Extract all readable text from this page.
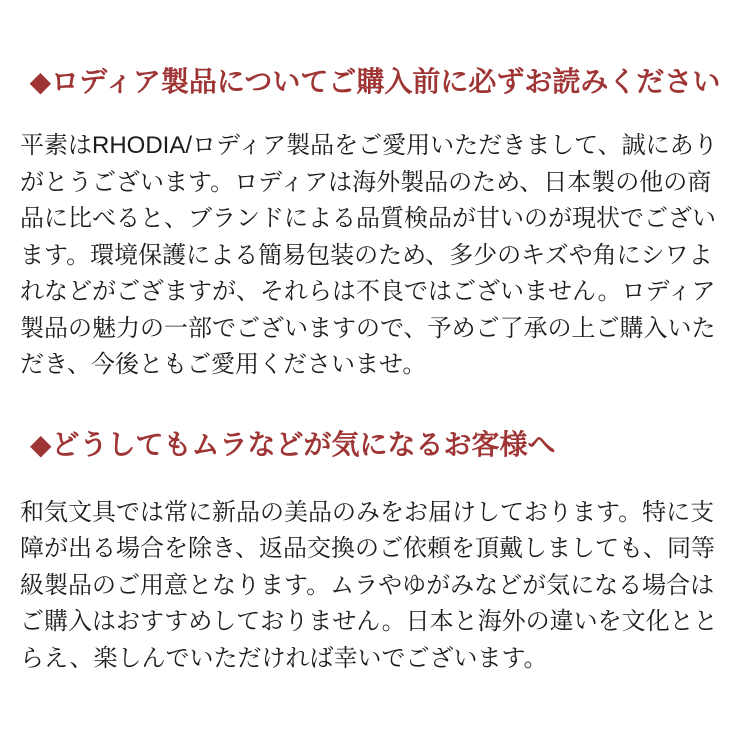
◆ロディア製品についてご購入前に必ずお読みください
平素はRHODIA/ロディア製品をご愛用いただきまして、誠にあり
がとうございます。ロディアは海外製品のため、日本製の他の商
品に比べると、ブランドによる品質検品が甘いのが現状でござい
ます。環境保護による簡易包装のため、多少のキズや角にシワよ
れなどがござますが、それらは不良ではございません。ロディア
製品の魅力の一部でございますので、予めご了承の上ご購入いた
だき、今後ともご愛用くださいませ。
◆どうしてもムラなどが気になるお客様へ
和気文具では常に新品の美品のみをお届けしております。特に支
障が出る場合を除き、返品交換のご依頼を頂戴しましても、同等
級製品のご用意となります。ムラやゆがみなどが気になる場合は
ご購入はおすすめしておりません。日本と海外の違いを文化とと
らえ、楽しんでいただければ幸いでございます。
